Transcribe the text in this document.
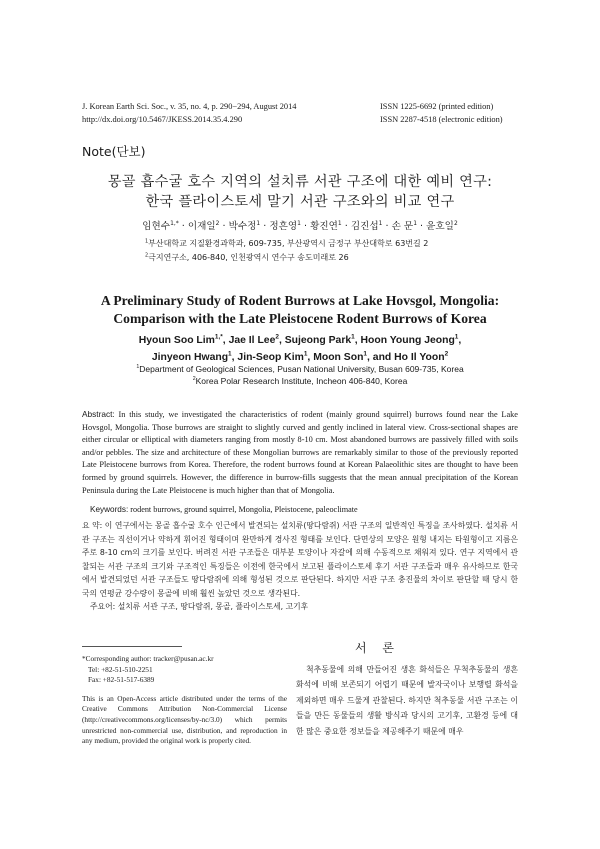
J. Korean Earth Sci. Soc., v. 35, no. 4, p. 290−294, August 2014
http://dx.doi.org/10.5467/JKESS.2014.35.4.290
ISSN 1225-6692 (printed edition)
ISSN 2287-4518 (electronic edition)
Note(단보)
몽골 흡수굴 호수 지역의 설치류 서관 구조에 대한 예비 연구:
한국 플라이스토세 말기 서관 구조와의 비교 연구
임현수$^{1,*}$ · 이재일$^2$ · 박수정$^1$ · 정흔영$^1$ · 황진연$^1$ · 김진섭$^1$ · 손 문$^1$ · 윤호일$^2$
$^1$부산대학교 지질환경과학과, 609-735, 부산광역시 금정구 부산대학로 63번길 2
$^2$극지연구소, 406-840, 인천광역시 연수구 송도미래로 26
A Preliminary Study of Rodent Burrows at Lake Hovsgol, Mongolia:
Comparison with the Late Pleistocene Rodent Burrows of Korea
Hyoun Soo Lim$^{1,*}$, Jae Il Lee$^2$, Sujeong Park$^1$, Hoon Young Jeong$^1$,
Jinyeon Hwang$^1$, Jin-Seop Kim$^1$, Moon Son$^1$, and Ho Il Yoon$^2$
$^1$Department of Geological Sciences, Pusan National University, Busan 609-735, Korea
$^2$Korea Polar Research Institute, Incheon 406-840, Korea
Abstract: In this study, we investigated the characteristics of rodent (mainly ground squirrel) burrows found near the Lake Hovsgol, Mongolia. Those burrows are straight to slightly curved and gently inclined in lateral view. Cross-sectional shapes are either circular or elliptical with diameters ranging from mostly 8-10 cm. Most abandoned burrows are passively filled with soils and/or pebbles. The size and architecture of these Mongolian burrows are remarkably similar to those of the previously reported Late Pleistocene burrows from Korea. Therefore, the rodent burrows found at Korean Palaeolithic sites are thought to have been formed by ground squirrels. However, the difference in burrow-fills suggests that the mean annual precipitation of the Korean Peninsula during the Late Pleistocene is much higher than that of Mongolia.
Keywords: rodent burrows, ground squirrel, Mongolia, Pleistocene, paleoclimate
요 약: 이 연구에서는 몽골 흡수굴 호수 인근에서 발견되는 설치류(땅다람쥐) 서관 구조의 일반적인 특징을 조사하였다. 설치류 서관 구조는 직선이거나 약하게 휘어진 형태이며 완만하게 경사진 형태를 보인다. 단면상의 모양은 원형 내지는 타원형이고 지름은 주로 8-10 cm의 크기를 보인다. 버려진 서관 구조들은 대부분 토양이나 자갈에 의해 수동적으로 채워져 있다. 연구 지역에서 관찰되는 서관 구조의 크기와 구조적인 특징들은 이전에 한국에서 보고된 플라이스토세 후기 서관 구조들과 매우 유사하므로 한국에서 발견되었던 서관 구조들도 땅다람쥐에 의해 형성된 것으로 판단된다. 하지만 서관 구조 충진물의 차이로 판단할 때 당시 한국의 연평균 강수량이 몽골에 비해 훨씬 높았던 것으로 생각된다.
주요어: 설치류 서관 구조, 땅다람쥐, 몽골, 플라이스토세, 고기후
*Corresponding author: tracker@pusan.ac.kr
Tel: +82-51-510-2251
Fax: +82-51-517-6389
This is an Open-Access article distributed under the terms of the Creative Commons Attribution Non-Commercial License (http://creativecommons.org/licenses/by-nc/3.0) which permits unrestricted non-commercial use, distribution, and reproduction in any medium, provided the original work is properly cited.
서 론
척추동물에 의해 만들어진 생흔 화석들은 무척추동물의 생흔 화석에 비해 보존되기 어렵기 때문에 발자국이나 보행렬 화석을 제외하면 매우 드물게 관찰된다. 하지만 척추동물 서관 구조는 이들을 만든 동물들의 생활 방식과 당시의 고기후, 고환경 등에 대한 많은 중요한 정보들을 제공해주기 때문에 매우
